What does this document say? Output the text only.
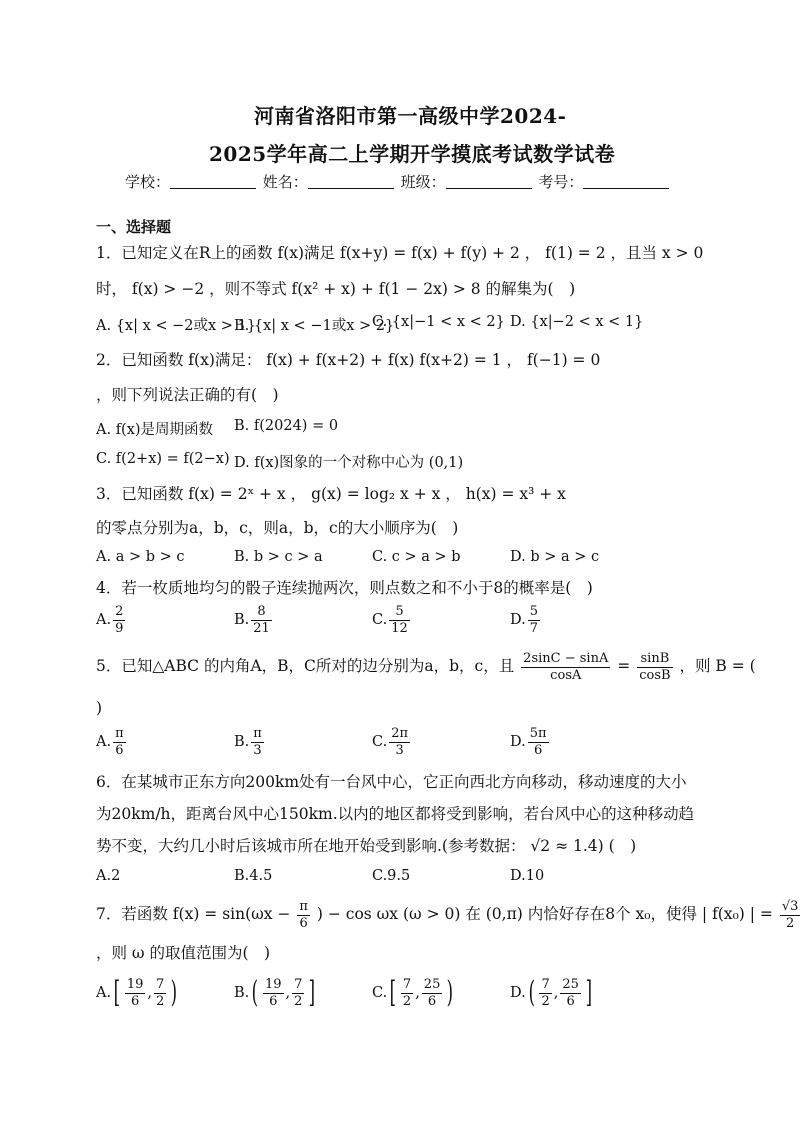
河南省洛阳市第一高级中学2024-
2025学年高二上学期开学摸底考试数学试卷
学校：	姓名：	班级：	考号：
一、选择题
1．已知定义在R上的函数 f(x)满足 f(x+y) = f(x) + f(y) + 2 ， f(1) = 2 ，且当 x > 0
时， f(x) > −2 ，则不等式 f(x² + x) + f(1 − 2x) > 8 的解集为(　)
A. {x| x < −2或x > 1}
B. {x| x < −1或x > 2}
C. {x|−1 < x < 2} D. {x|−2 < x < 1}
2．已知函数 f(x)满足： f(x) + f(x+2) + f(x) f(x+2) = 1 ， f(−1) = 0
，则下列说法正确的有(　)
A. f(x)是周期函数 B. f(2024) = 0
C. f(2+x) = f(2−x) D. f(x)图象的一个对称中心为 (0,1)
3．已知函数 f(x) = 2ˣ + x ， g(x) = log₂ x + x ， h(x) = x³ + x
的零点分别为a，b，c，则a，b，c的大小顺序为(　)
A. a > b > c	B. b > c > a	C. c > a > b	D. b > a > c
4．若一枚质地均匀的骰子连续抛两次，则点数之和不小于8的概率是(　)
A. $\frac{2}{9}$	B. $\frac{8}{21}$	C. $\frac{5}{12}$	D. $\frac{5}{7}$
5．已知△ABC 的内角A，B，C所对的边分别为a，b，c，且 $\frac{2\sin C - \sin A}{\cos A} = \frac{\sin B}{\cos B}$ ，则 B = (
)
A. $\frac{\pi}{6}$	B. $\frac{\pi}{3}$	C. $\frac{2\pi}{3}$	D. $\frac{5\pi}{6}$
6．在某城市正东方向200km处有一台风中心，它正向西北方向移动，移动速度的大小
为20km/h，距离台风中心150km.以内的地区都将受到影响，若台风中心的这种移动趋
势不变，大约几小时后该城市所在地开始受到影响.(参考数据： √2 ≈ 1.4) (　)
A.2	B.4.5	C.9.5	D.10
7．若函数 $f(x) = \sin(\omega x - \frac{\pi}{6}$ ) − cos ωx (ω > 0) 在 (0,π) 内恰好存在8个 x₀，使得 | f(x₀) | = $\frac{√3}{2}$
，则 ω 的取值范围为(　)
$A.[ \frac{19}{6}$ , $\frac{7}{2}$ )	$B.( \frac{19}{6}$ , $\frac{7}{2}$ ]	$C.[ \frac{7}{2}$ , $\frac{25}{6}$ )	$D.( \frac{7}{2}$ , $\frac{25}{6}$ ]
